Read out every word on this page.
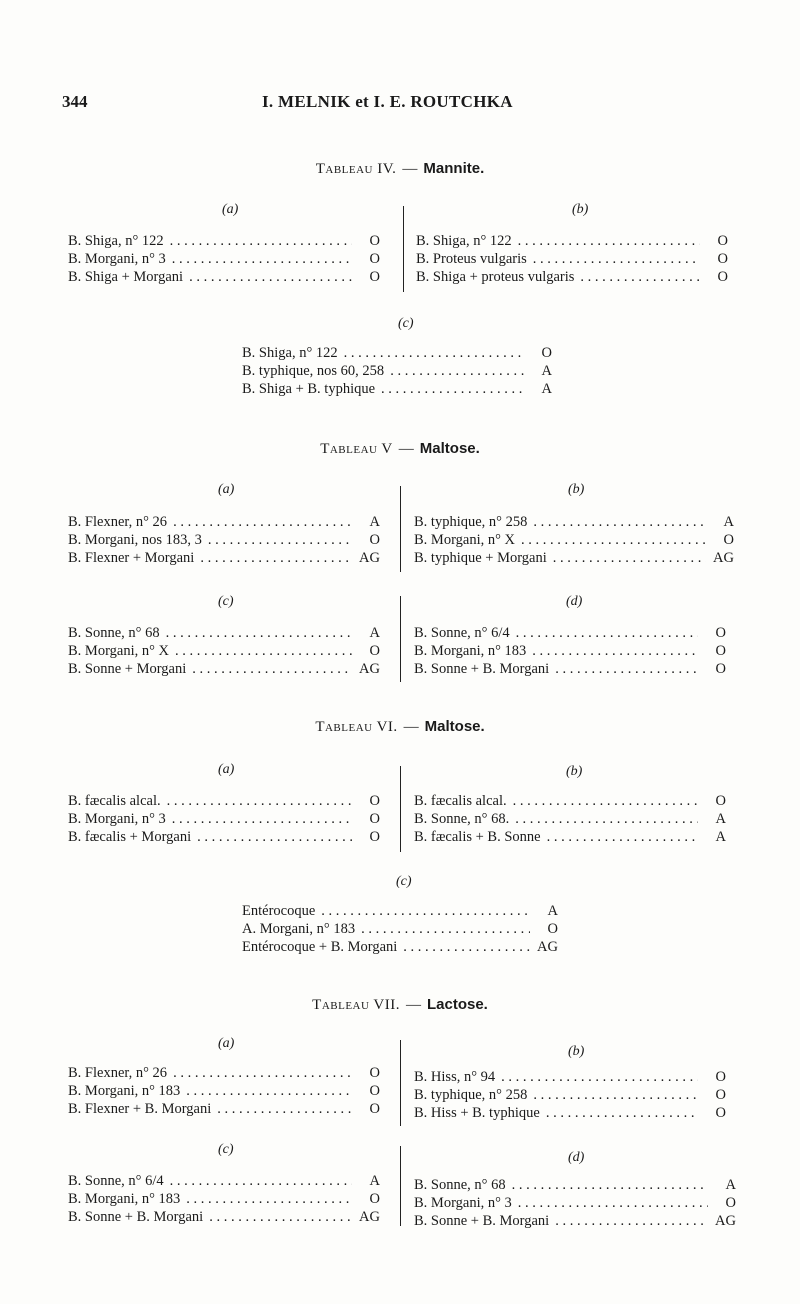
344	I. MELNIK et I. E. ROUTCHKA
Tableau IV. — Mannite.
(a)
B. Shiga, n° 122 . . .	O
B. Morgani, n° 3 . . .	O
B. Shiga + Morgani . . .	O
(b)
B. Shiga, n° 122 . . .	O
B. Proteus vulgaris . . .	O
B. Shiga + proteus vulgaris . . .	O
(c)
B. Shiga, n° 122 . . .	O
B. typhique, nos 60, 258 . . .	A
B. Shiga + B. typhique . . .	A
Tableau V — Maltose.
(a)
B. Flexner, n° 26 . . .	A
B. Morgani, nos 183, 3 . . .	O
B. Flexner + Morgani . . .	AG
(b)
B. typhique, n° 258 . . .	A
B. Morgani, n° X . . .	O
B. typhique + Morgani . . .	AG
(c)
B. Sonne, n° 68 . . .	A
B. Morgani, n° X . . .	O
B. Sonne + Morgani . . .	AG
(d)
B. Sonne, n° 6/4 . . .	O
B. Morgani, n° 183 . . .	O
B. Sonne + B. Morgani . . .	O
Tableau VI. — Maltose.
(a)
B. fæcalis alcal. . . .	O
B. Morgani, n° 3 . . .	O
B. fæcalis + Morgani . . .	O
(b)
B. fæcalis alcal. . . .	O
B. Sonne, n° 68. . . .	A
B. fæcalis + B. Sonne . . .	A
(c)
Entérocoque . . .	A
A. Morgani, n° 183 . . .	O
Entérocoque + B. Morgani . . .	AG
Tableau VII. — Lactose.
(a)
B. Flexner, n° 26 . . .	O
B. Morgani, n° 183 . . .	O
B. Flexner + B. Morgani . . .	O
(b)
B. Hiss, n° 94 . . .	O
B. typhique, n° 258 . . .	O
B. Hiss + B. typhique . . .	O
(c)
B. Sonne, n° 6/4 . . .	A
B. Morgani, n° 183 . . .	O
B. Sonne + B. Morgani . . .	AG
(d)
B. Sonne, n° 68 . . .	A
B. Morgani, n° 3 . . .	O
B. Sonne + B. Morgani . . .	AG
